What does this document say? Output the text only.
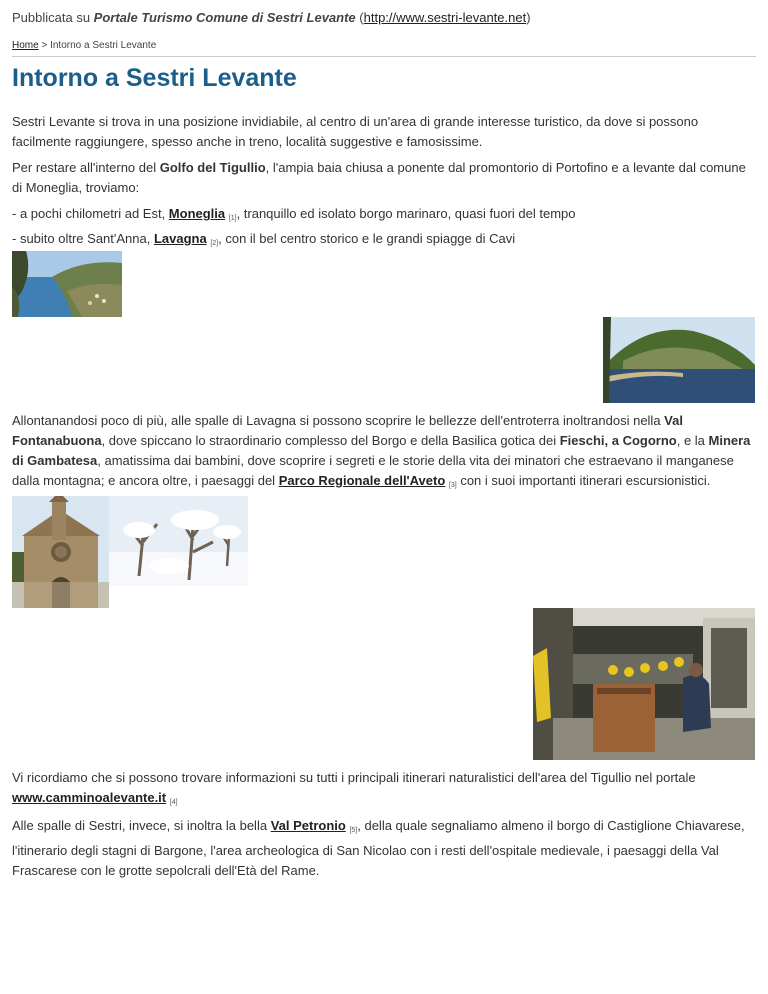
Pubblicata su Portale Turismo Comune di Sestri Levante (http://www.sestri-levante.net)
Home > Intorno a Sestri Levante
Intorno a Sestri Levante

Sestri Levante si trova in una posizione invidiabile, al centro di un'area di grande interesse turistico, da dove si possono facilmente raggiungere, spesso anche in treno, località suggestive e famosissime.

Per restare all'interno del Golfo del Tigullio, l'ampia baia chiusa a ponente dal promontorio di Portofino e a levante dal comune di Moneglia, troviamo:

- a pochi chilometri ad Est, Moneglia $_{[1]}$, tranquillo ed isolato borgo marinaro, quasi fuori del tempo
- subito oltre Sant'Anna, Lavagna $_{[2]}$, con il bel centro storico e le grandi spiagge di Cavi

Allontanandosi poco di più, alle spalle di Lavagna si possono scoprire le bellezze dell'entroterra inoltrandosi nella Val Fontanabuona, dove spiccano lo straordinario complesso del Borgo e della Basilica gotica dei Fieschi, a Cogorno, e la Minera di Gambatesa, amatissima dai bambini, dove scoprire i segreti e le storie della vita dei minatori che estraevano il manganese dalla montagna; e ancora oltre, i paesaggi del Parco Regionale dell'Aveto $_{[3]}$ con i suoi importanti itinerari escursionistici.

Vi ricordiamo che si possono trovare informazioni su tutti i principali itinerari naturalistici dell'area del Tigullio nel portale www.camminoalevante.it $_{[4]}$

Alle spalle di Sestri, invece, si inoltra la bella Val Petronio $_{[5]}$, della quale segnaliamo almeno il borgo di Castiglione Chiavarese, l'itinerario degli stagni di Bargone, l'area archeologica di San Nicolao con i resti dell'ospitale medievale, i paesaggi della Val Frascarese con le grotte sepolcrali dell'Età del Rame.
